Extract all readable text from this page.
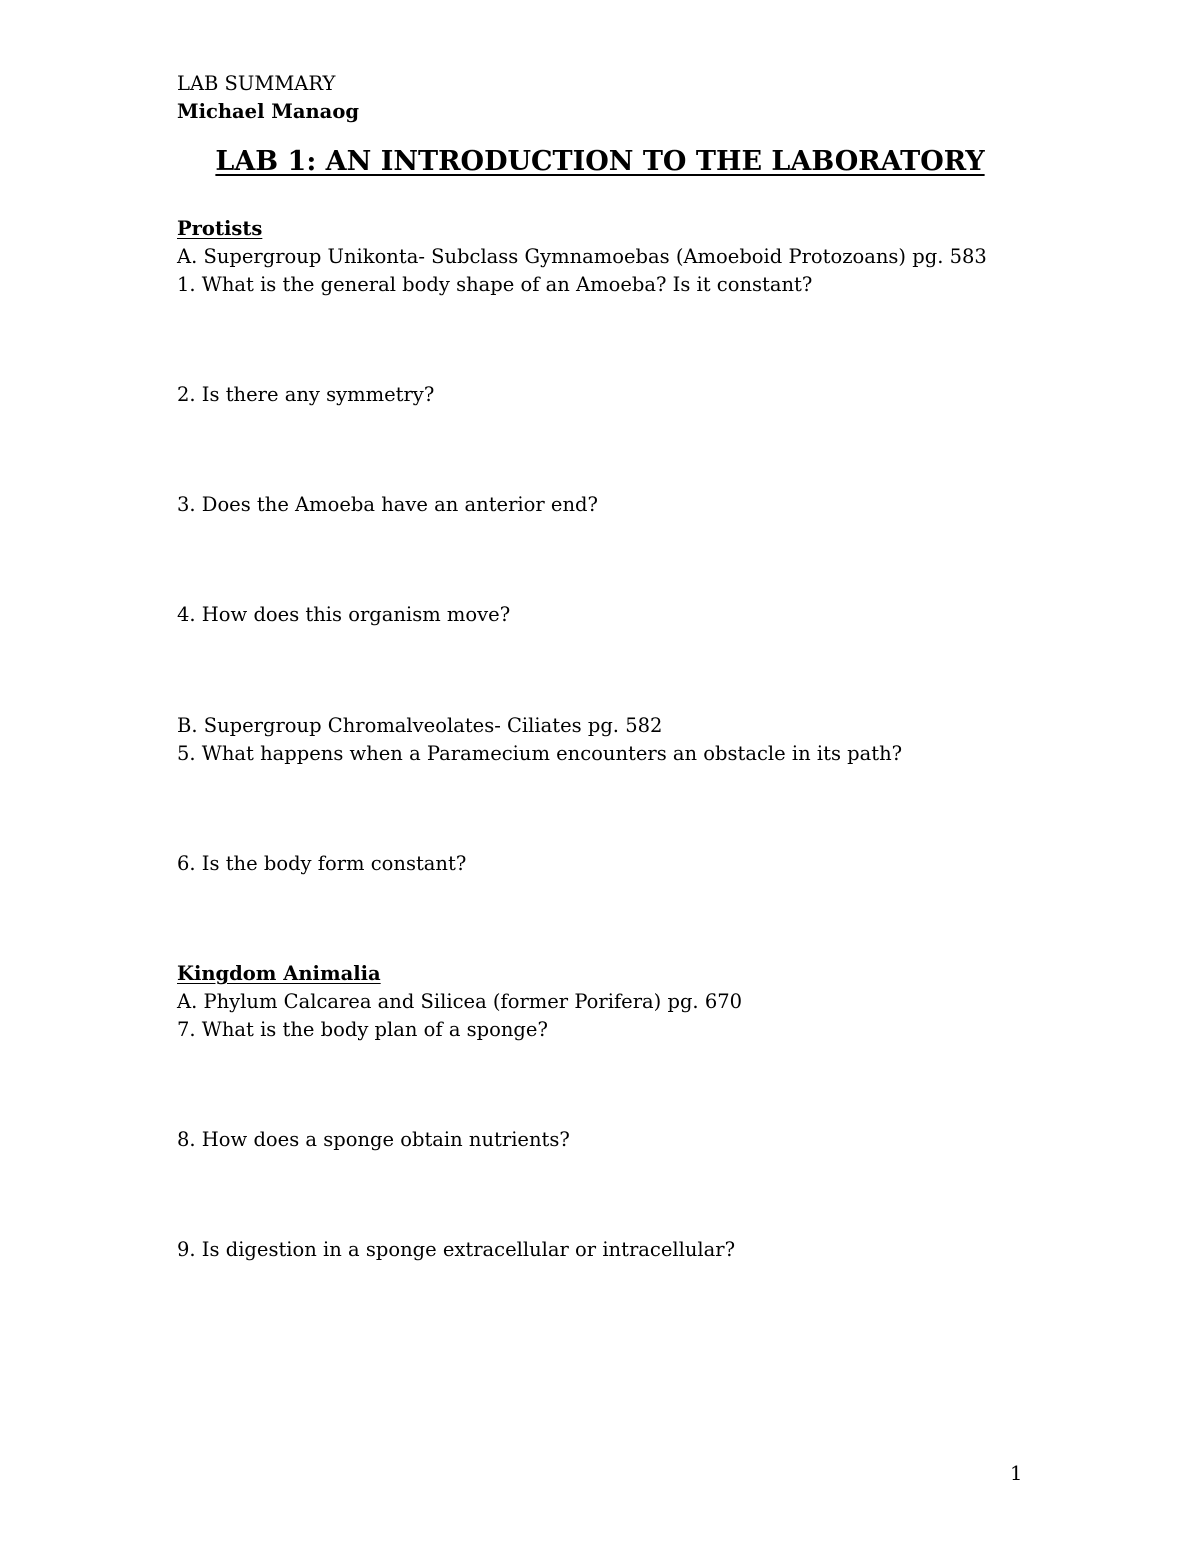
LAB SUMMARY
Michael Manaog
LAB 1: AN INTRODUCTION TO THE LABORATORY
Protists
A. Supergroup Unikonta- Subclass Gymnamoebas (Amoeboid Protozoans) pg. 583
1. What is the general body shape of an Amoeba? Is it constant?
2. Is there any symmetry?
3. Does the Amoeba have an anterior end?
4. How does this organism move?
B. Supergroup Chromalveolates- Ciliates pg. 582
5. What happens when a Paramecium encounters an obstacle in its path?
6. Is the body form constant?
Kingdom Animalia
A. Phylum Calcarea and Silicea (former Porifera) pg. 670
7. What is the body plan of a sponge?
8. How does a sponge obtain nutrients?
9. Is digestion in a sponge extracellular or intracellular?
1
